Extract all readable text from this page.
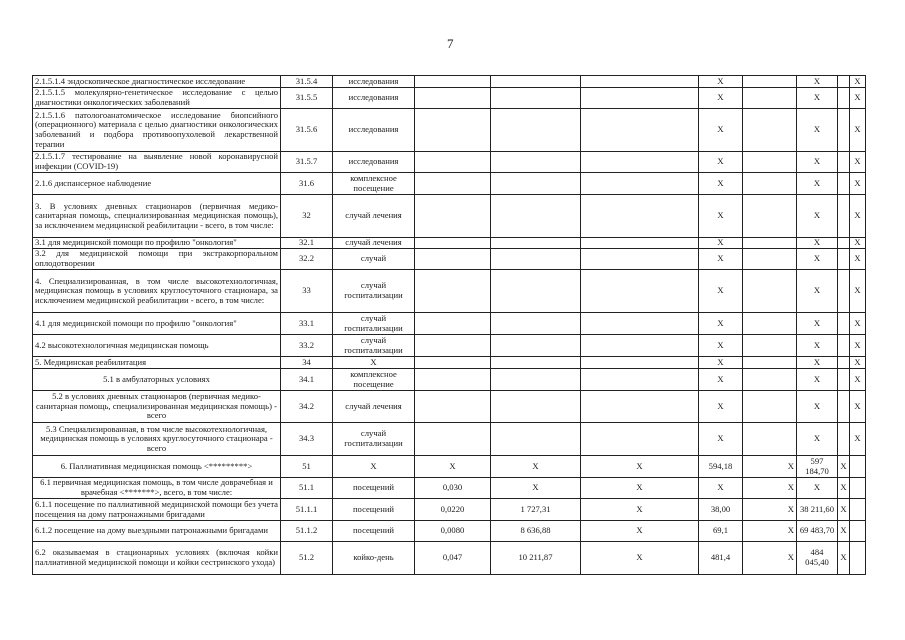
7
2.1.5.1.4 эндоскопическое диагностическое исследование	31.5.4	исследования				Х		Х		Х
2.1.5.1.5 молекулярно-генетическое исследование с целью диагностики онкологических заболеваний	31.5.5	исследования				Х		Х		Х
2.1.5.1.6 патологоанатомическое исследование биопсийного (операционного) материала с целью диагностики онкологических заболеваний и подбора противоопухолевой лекарственной терапии	31.5.6	исследования				Х		Х		Х
2.1.5.1.7 тестирование на выявление новой коронавирусной инфекции (COVID-19)	31.5.7	исследования				Х		Х		Х
2.1.6 диспансерное наблюдение	31.6	комплексное посещение				Х		Х		Х
3. В условиях дневных стационаров (первичная медико-санитарная помощь, специализированная медицинская помощь), за исключением медицинской реабилитации - всего, в том числе:	32	случай лечения				Х		Х		Х
3.1 для медицинской помощи по профилю "онкология"	32.1	случай лечения				Х		Х		Х
3.2 для медицинской помощи при экстракорпоральном оплодотворении	32.2	случай				Х		Х		Х
4. Специализированная, в том числе высокотехнологичная, медицинская помощь в условиях круглосуточного стационара, за исключением медицинской реабилитации - всего, в том числе:	33	случай госпитализации				Х		Х		Х
4.1 для медицинской помощи по профилю "онкология"	33.1	случай госпитализации				Х		Х		Х
4.2 высокотехнологичная медицинская помощь	33.2	случай госпитализации				Х		Х		Х
5. Медицинская реабилитация	34	Х				Х		Х		Х
5.1 в амбулаторных условиях	34.1	комплексное посещение				Х		Х		Х
5.2 в условиях дневных стационаров (первичная медико-санитарная помощь, специализированная медицинская помощь) - всего	34.2	случай лечения				Х		Х		Х
5.3 Специализированная, в том числе высокотехнологичная, медицинская помощь в условиях круглосуточного стационара - всего	34.3	случай госпитализации				Х		Х		Х
6. Паллиативная медицинская помощь <*********>	51	Х	Х	Х	Х	594,18	Х	597 184,70	Х	
6.1 первичная медицинская помощь, в том числе доврачебная и врачебная <*******>, всего, в том числе:	51.1	посещений	0,030	Х	Х	Х	Х	Х	Х	
6.1.1 посещение по паллиативной медицинской помощи без учета посещения на дому патронажными бригадами	51.1.1	посещений	0,0220	1 727,31	Х	38,00	Х	38 211,60	Х	
6.1.2 посещение на дому выездными патронажными бригадами	51.1.2	посещений	0,0080	8 636,88	Х	69,1	Х	69 483,70	Х	
6.2 оказываемая в стационарных условиях (включая койки паллиативной медицинской помощи и койки сестринского ухода)	51.2	койко-день	0,047	10 211,87	Х	481,4	Х	484 045,40	Х	
